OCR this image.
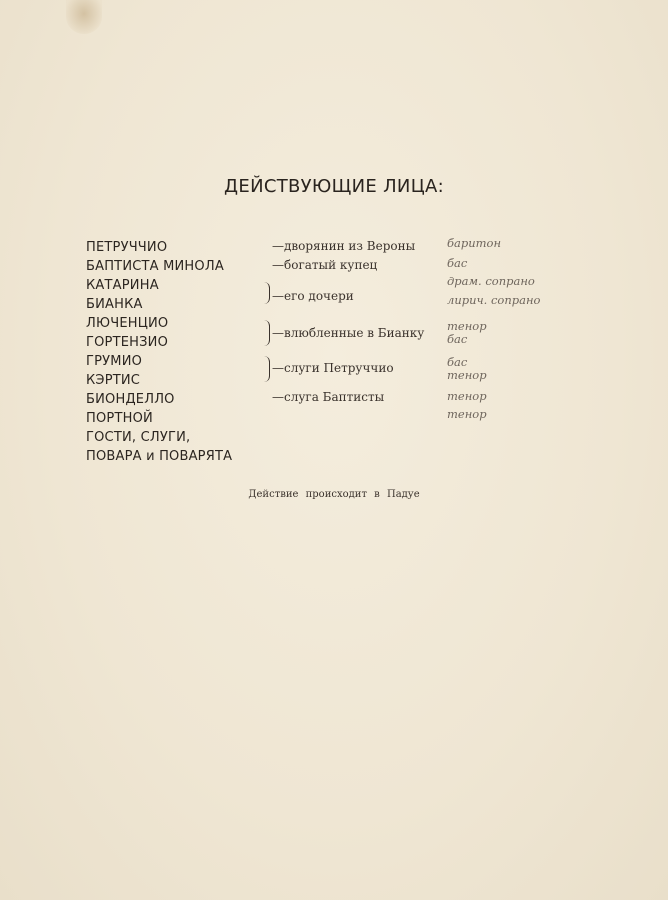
ДЕЙСТВУЮЩИЕ ЛИЦА:
ПЕТРУЧЧИО
БАПТИСТА МИНОЛА
КАТАРИНА
БИАНКА
ЛЮЧЕНЦИО
ГОРТЕНЗИО
ГРУМИО
КЭРТИС
БИОНДЕЛЛО
ПОРТНОЙ
ГОСТИ, СЛУГИ,
ПОВАРА и ПОВАРЯТА
—дворянин из Вероны
—богатый купец
—его дочери
—влюбленные в Бианку
—слуги Петруччио
—слуга Баптисты
баритон
бас
драм. сопрано
лирич. сопрано
тенор
бас
бас
тенор
тенор
тенор
Действие происходит в Падуе
